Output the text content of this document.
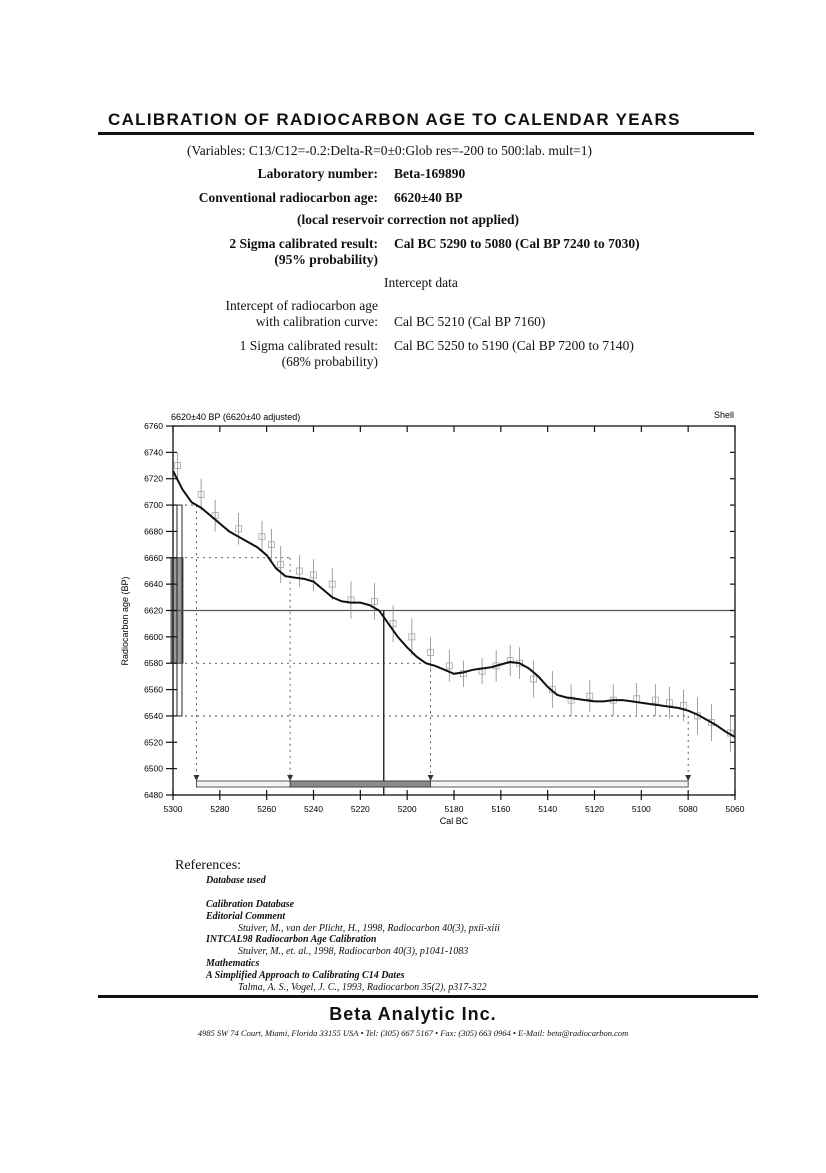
CALIBRATION OF RADIOCARBON AGE TO CALENDAR YEARS
(Variables: C13/C12=-0.2:Delta-R=0±0:Glob res=-200 to 500:lab. mult=1)
Laboratory number: Beta-169890
Conventional radiocarbon age: 6620±40 BP
(local reservoir correction not applied)
2 Sigma calibrated result:
(95% probability)
Cal BC 5290 to 5080 (Cal BP 7240 to 7030)
Intercept data
Intercept of radiocarbon age
with calibration curve: Cal BC 5210 (Cal BP 7160)
1 Sigma calibrated result:
(68% probability)
Cal BC 5250 to 5190 (Cal BP 7200 to 7140)
6620±40 BP (6620±40 adjusted)	Shell
Cal BC
Radiocarbon age (BP)
6480
6500
6520
6540
6560
6580
6600
6620
6640
6660
6680
6700
6720
6740
6760
5300	5280	5260	5240	5220	5200	5180	5160	5140	5120	5100	5080	5060
References:
Database used
Calibration Database
Editorial Comment
Stuiver, M., van der Plicht, H., 1998, Radiocarbon 40(3), pxii-xiii
INTCAL98 Radiocarbon Age Calibration
Stuiver, M., et. al., 1998, Radiocarbon 40(3), p1041-1083
Mathematics
A Simplified Approach to Calibrating C14 Dates
Talma, A. S., Vogel, J. C., 1993, Radiocarbon 35(2), p317-322
Beta Analytic Inc.
4985 SW 74 Court, Miami, Florida 33155 USA • Tel: (305) 667 5167 • Fax: (305) 663 0964 • E-Mail: beta@radiocarbon.com
